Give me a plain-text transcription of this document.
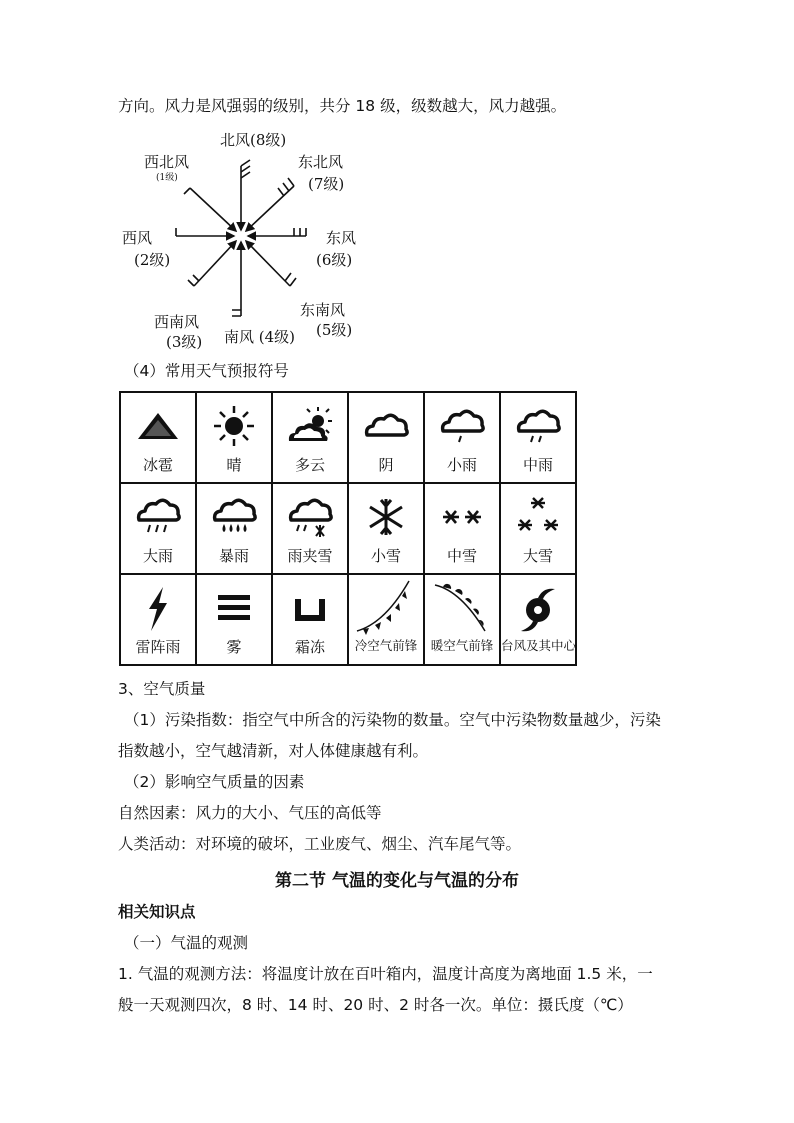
方向。风力是风强弱的级别，共分 18 级，级数越大，风力越强。
北风(8级)
西北风
(1级)
东北风
(7级)
西风
(2级)
东风
(6级)
西南风
(3级) 南风 (4级)
东南风
(5级)
（4）常用天气预报符号
冰雹	晴	多云	阴	小雨	中雨

大雨	暴雨	雨夹雪	小雪	中雪	大雪

雷阵雨	雾	霜冻	冷空气前锋	暖空气前锋	台风及其中心
3、空气质量
（1）污染指数：指空气中所含的污染物的数量。空气中污染物数量越少，污染
指数越小，空气越清新，对人体健康越有利。
（2）影响空气质量的因素
自然因素：风力的大小、气压的高低等
人类活动：对环境的破坏，工业废气、烟尘、汽车尾气等。
第二节 气温的变化与气温的分布
相关知识点
（一）气温的观测
1. 气温的观测方法：将温度计放在百叶箱内，温度计高度为离地面 1.5 米，一
般一天观测四次，8 时、14 时、20 时、2 时各一次。单位：摄氏度（℃）
